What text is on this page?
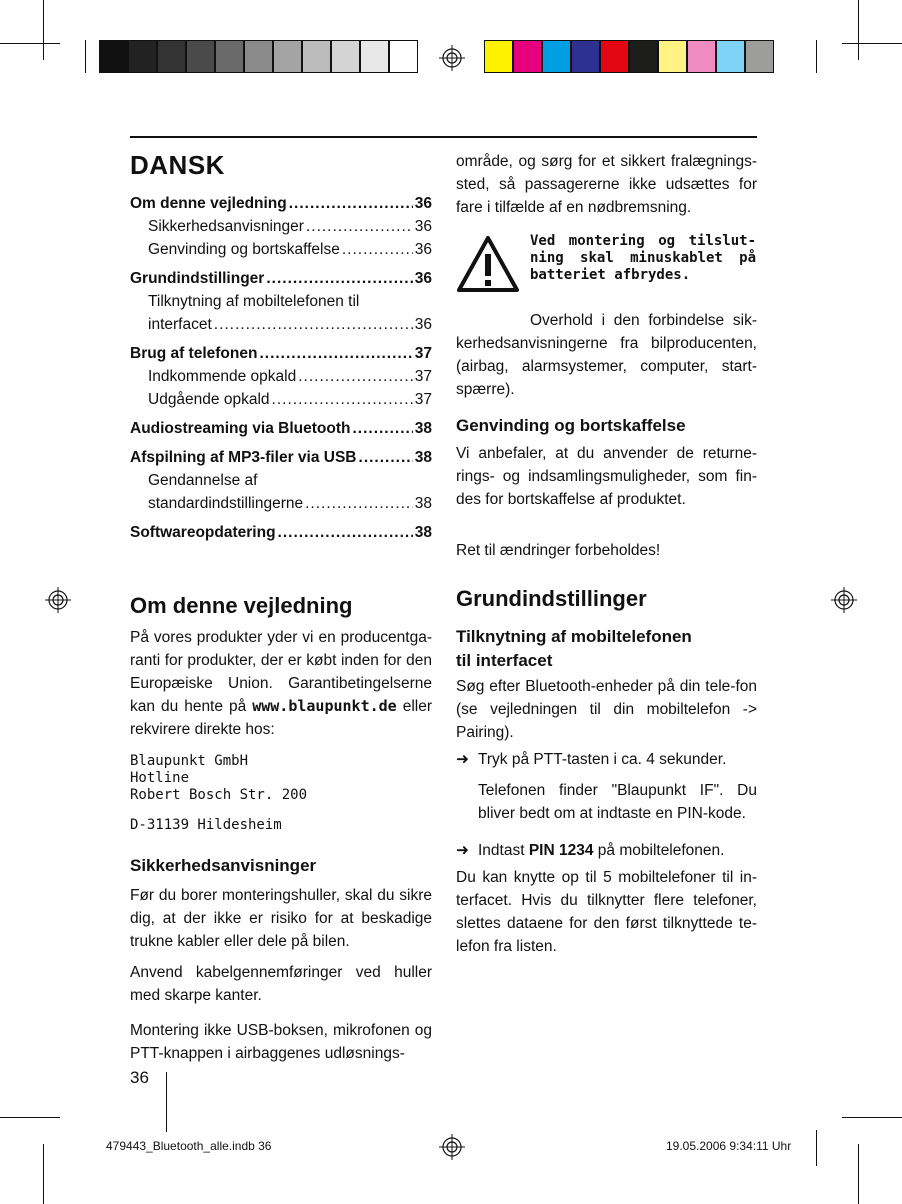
DANSK
Om denne vejledning .....	36
Sikkerhedsanvisninger .....	36
Genvinding og bortskaffelse .....	36
Grundindstillinger .....	36
Tilknytning af mobiltelefonen til
interfacet .....	36
Brug af telefonen .....	37
Indkommende opkald .....	37
Udgående opkald .....	37
Audiostreaming via Bluetooth .....	38
Afspilning af MP3-filer via USB .....	38
Gendannelse af
standardindstillingerne .....	38
Softwareopdatering .....	38
Om denne vejledning

På vores produkter yder vi en producentga-ranti for produkter, der er købt inden for den Europæiske Union. Garantibetingelserne kan du hente på www.blaupunkt.de eller rekvirere direkte hos:

Blaupunkt GmbH
Hotline
Robert Bosch Str. 200
D-31139 Hildesheim
Sikkerhedsanvisninger

Før du borer monteringshuller, skal du sikre dig, at der ikke er risiko for at beskadige trukne kabler eller dele på bilen.

Anvend kabelgennemføringer ved huller med skarpe kanter.

Montering ikke USB-boksen, mikrofonen og PTT-knappen i airbaggenes udløsnings-

område, og sørg for et sikkert fralægnings-sted, så passagererne ikke udsættes for fare i tilfælde af en nødbremsning.

Ved montering og tilslut-ning skal minuskablet på batteriet afbrydes.

Overhold i den forbindelse sik-kerhedsanvisningerne fra bilproducenten, (airbag, alarmsystemer, computer, start-spærre).

Genvinding og bortskaffelse

Vi anbefaler, at du anvender de returne-rings- og indsamlingsmuligheder, som fin-des for bortskaffelse af produktet.

Ret til ændringer forbeholdes!

Grundindstillinger
Tilknytning af mobiltelefonen
til interfacet

Søg efter Bluetooth-enheder på din tele-fon (se vejledningen til din mobiltelefon -> Pairing).

➜ Tryk på PTT-tasten i ca. 4 sekunder.

Telefonen finder "Blaupunkt IF". Du bliver bedt om at indtaste en PIN-kode.

➜ Indtast PIN 1234 på mobiltelefonen.

Du kan knytte op til 5 mobiltelefoner til in-terfacet. Hvis du tilknytter flere telefoner, slettes dataene for den først tilknyttede te-lefon fra listen.

36
479443_Bluetooth_alle.indb 36	19.05.2006 9:34:11 Uhr
